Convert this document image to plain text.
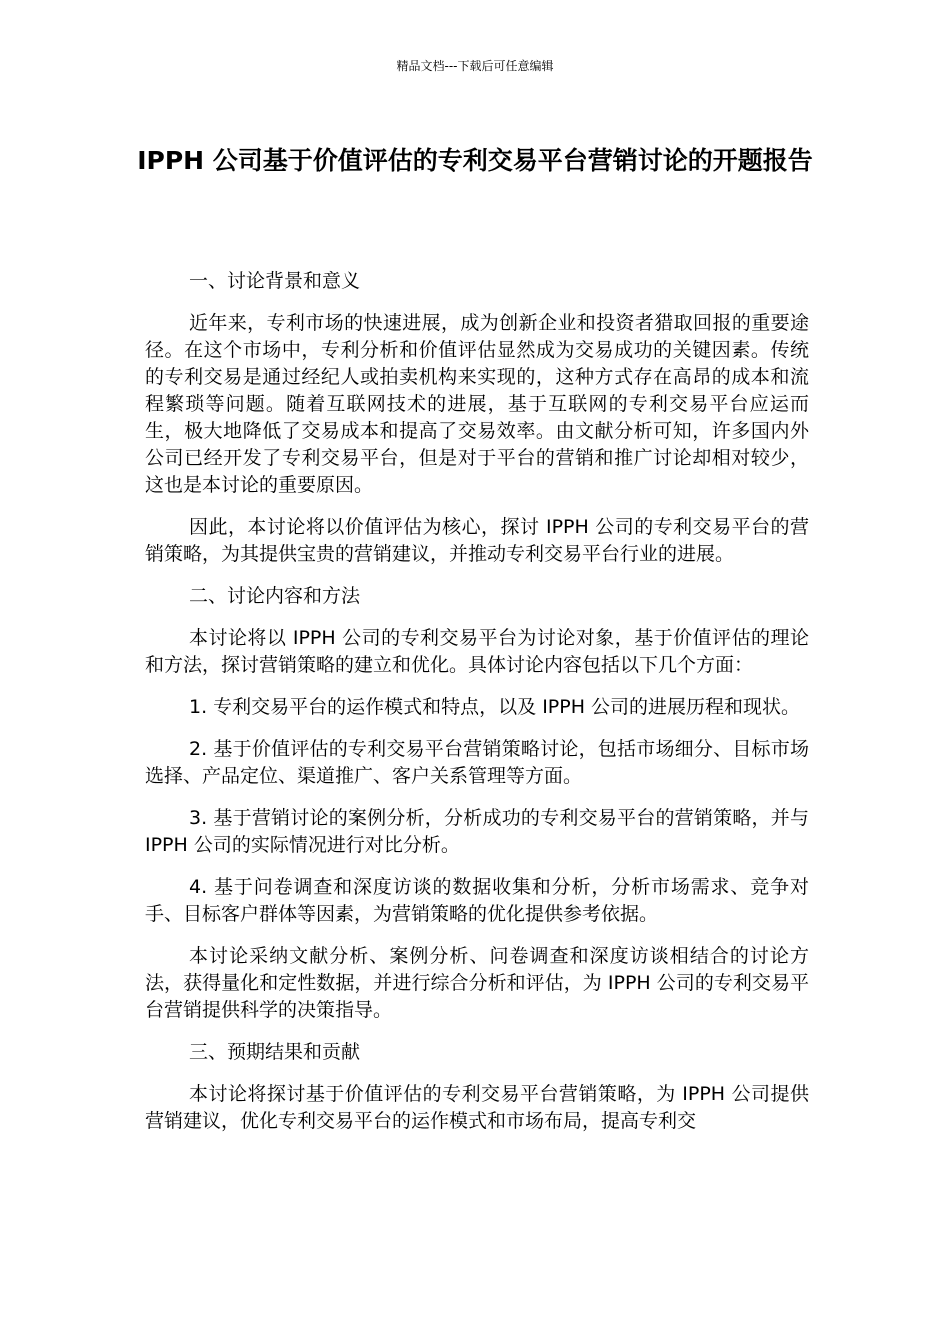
精品文档---下载后可任意编辑
IPPH 公司基于价值评估的专利交易平台营销讨论的开题报告

一、讨论背景和意义

近年来，专利市场的快速进展，成为创新企业和投资者猎取回报的重要途径。在这个市场中，专利分析和价值评估显然成为交易成功的关键因素。传统的专利交易是通过经纪人或拍卖机构来实现的，这种方式存在高昂的成本和流程繁琐等问题。随着互联网技术的进展，基于互联网的专利交易平台应运而生，极大地降低了交易成本和提高了交易效率。由文献分析可知，许多国内外公司已经开发了专利交易平台，但是对于平台的营销和推广讨论却相对较少，这也是本讨论的重要原因。

因此，本讨论将以价值评估为核心，探讨 IPPH 公司的专利交易平台的营销策略，为其提供宝贵的营销建议，并推动专利交易平台行业的进展。

二、讨论内容和方法

本讨论将以 IPPH 公司的专利交易平台为讨论对象，基于价值评估的理论和方法，探讨营销策略的建立和优化。具体讨论内容包括以下几个方面：

1. 专利交易平台的运作模式和特点，以及 IPPH 公司的进展历程和现状。

2. 基于价值评估的专利交易平台营销策略讨论，包括市场细分、目标市场选择、产品定位、渠道推广、客户关系管理等方面。

3. 基于营销讨论的案例分析，分析成功的专利交易平台的营销策略，并与 IPPH 公司的实际情况进行对比分析。

4. 基于问卷调查和深度访谈的数据收集和分析，分析市场需求、竞争对手、目标客户群体等因素，为营销策略的优化提供参考依据。

本讨论采纳文献分析、案例分析、问卷调查和深度访谈相结合的讨论方法，获得量化和定性数据，并进行综合分析和评估，为 IPPH 公司的专利交易平台营销提供科学的决策指导。

三、预期结果和贡献

本讨论将探讨基于价值评估的专利交易平台营销策略，为 IPPH 公司提供营销建议，优化专利交易平台的运作模式和市场布局，提高专利交
